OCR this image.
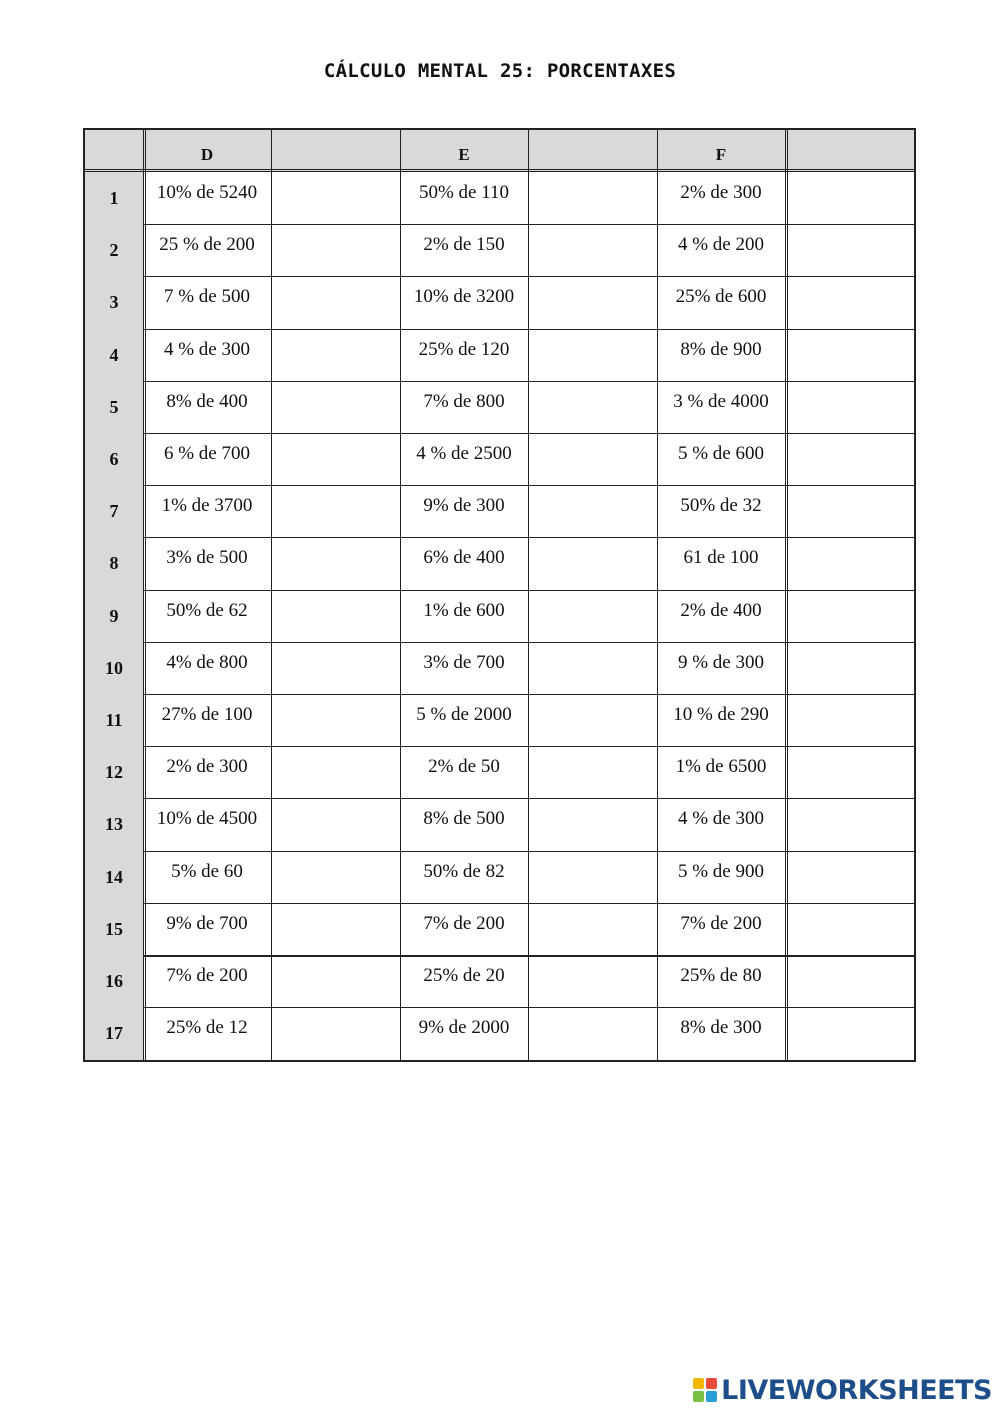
CÁLCULO MENTAL 25: PORCENTAXES
D	E	F
1	10% de 5240	50% de 110	2% de 300
2	25 % de 200	2% de 150	4 % de 200
3	7 % de 500	10% de 3200	25% de 600
4	4 % de 300	25% de 120	8% de 900
5	8% de 400	7% de 800	3 % de 4000
6	6 % de 700	4 % de 2500	5 % de 600
7	1% de 3700	9% de 300	50% de 32
8	3% de 500	6% de 400	61 de 100
9	50% de 62	1% de 600	2% de 400
10	4% de 800	3% de 700	9 % de 300
11	27% de 100	5 % de 2000	10 % de 290
12	2% de 300	2% de 50	1% de 6500
13	10% de 4500	8% de 500	4 % de 300
14	5% de 60	50% de 82	5 % de 900
15	9% de 700	7% de 200	7% de 200
16	7% de 200	25% de 20	25% de 80
17	25% de 12	9% de 2000	8% de 300
LIVEWORKSHEETS
